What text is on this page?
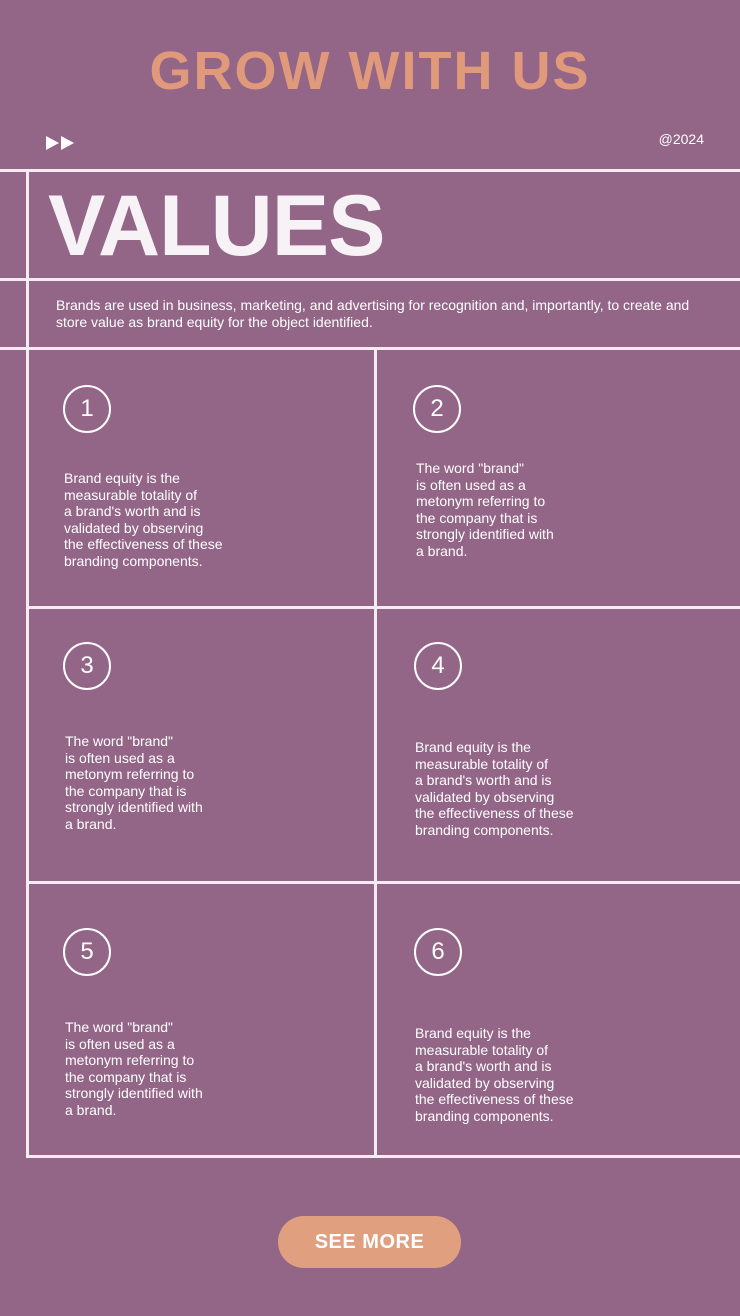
GROW WITH US
@2024
VALUES
Brands are used in business, marketing, and advertising for recognition and, importantly, to create and store value as brand equity for the object identified.
1
Brand equity is the
measurable totality of
a brand's worth and is
validated by observing
the effectiveness of these
branding components.
2
The word "brand"
is often used as a
metonym referring to
the company that is
strongly identified with
a brand.
3
The word "brand"
is often used as a
metonym referring to
the company that is
strongly identified with
a brand.
4
Brand equity is the
measurable totality of
a brand's worth and is
validated by observing
the effectiveness of these
branding components.
5
The word "brand"
is often used as a
metonym referring to
the company that is
strongly identified with
a brand.
6
Brand equity is the
measurable totality of
a brand's worth and is
validated by observing
the effectiveness of these
branding components.
SEE MORE
